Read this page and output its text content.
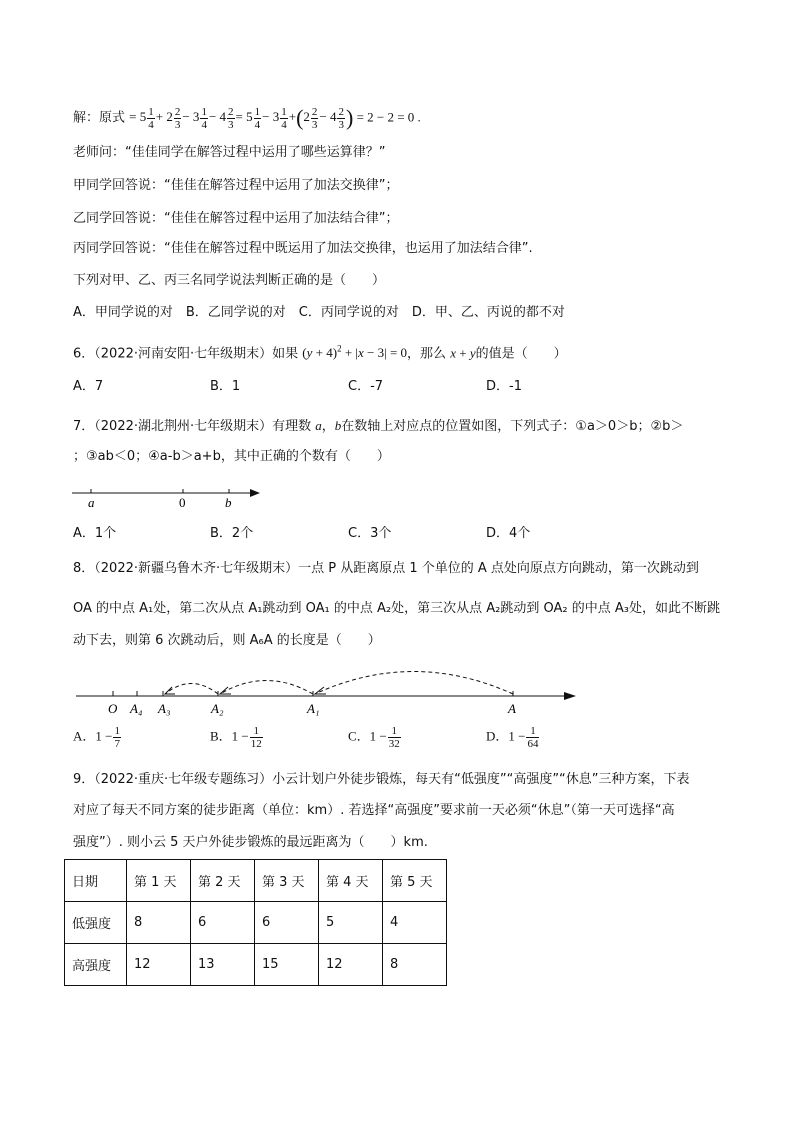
解：原式 = $5 \frac{1}{4} + 2 \frac{2}{3} - 3 \frac{1}{4} - 4 \frac{2}{3} = 5 \frac{1}{4} - 3 \frac{1}{4} +(2 \frac{2}{3} - 4 \frac{2}{3}$ ) = 2 − 2 = 0 .
老师问：“佳佳同学在解答过程中运用了哪些运算律？”
甲同学回答说：“佳佳在解答过程中运用了加法交换律”；
乙同学回答说：“佳佳在解答过程中运用了加法结合律”；
丙同学回答说：“佳佳在解答过程中既运用了加法交换律，也运用了加法结合律”.
下列对甲、乙、丙三名同学说法判断正确的是（　　）
A．甲同学说的对　B．乙同学说的对　C．丙同学说的对　D．甲、乙、丙说的都不对
6．（2022·河南安阳·七年级期末）如果 $(y + 4)^2 + |x - 3| = 0$，那么 x + y的值是（　　）
A．7	B．1	C．-7	D．-1
7．（2022·湖北荆州·七年级期末）有理数 a，b在数轴上对应点的位置如图，下列式子：①a＞0＞b；②b＞
；③ab＜0；④a-b＞a+b，其中正确的个数有（　　）
a	0	b
A．1个	B．2个	C．3个	D．4个
8．（2022·新疆乌鲁木齐·七年级期末）一点 P 从距离原点 1 个单位的 A 点处向原点方向跳动，第一次跳动到
OA 的中点 A₁处，第二次从点 A₁跳动到 OA₁ 的中点 A₂处，第三次从点 A₂跳动到 OA₂ 的中点 A₃处，如此不断跳
动下去，则第 6 次跳动后，则 A₆A 的长度是（　　）
O A₄ A₃	A₂	A₁	A
A．$1 - \frac{1}{7}$	B．$1 - \frac{1}{12}$	C．$1 - \frac{1}{32}$	D．$1 - \frac{1}{64}$
9．（2022·重庆·七年级专题练习）小云计划户外徒步锻炼，每天有“低强度”“高强度”“休息”三种方案，下表
对应了每天不同方案的徒步距离（单位：km）. 若选择“高强度”要求前一天必须“休息”（第一天可选择“高
强度”）. 则小云 5 天户外徒步锻炼的最远距离为（　　）km.
日期	第 1 天	第 2 天	第 3 天	第 4 天	第 5 天
低强度	8	6	6	5	4
高强度	12	13	15	12	8
